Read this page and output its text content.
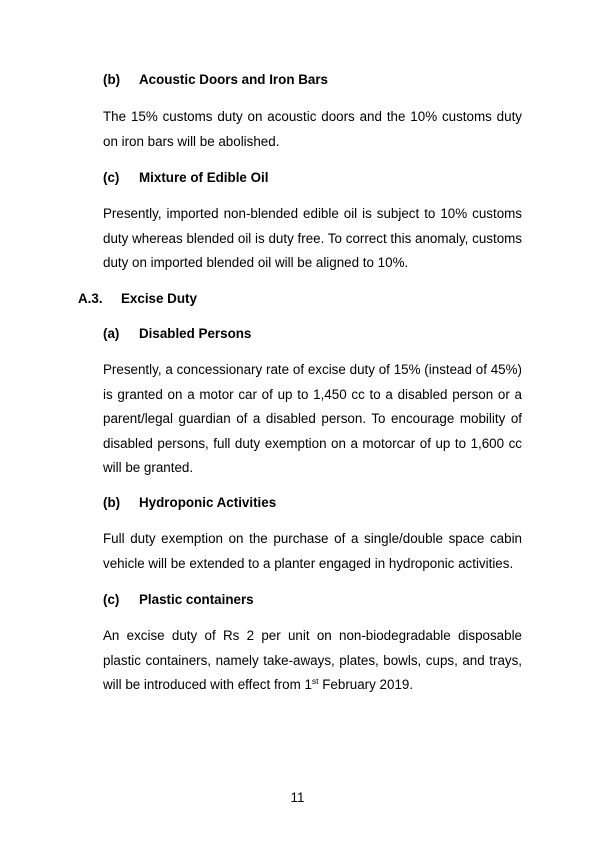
(b) Acoustic Doors and Iron Bars

The 15% customs duty on acoustic doors and the 10% customs duty on iron bars will be abolished.

(c) Mixture of Edible Oil

Presently, imported non-blended edible oil is subject to 10% customs duty whereas blended oil is duty free. To correct this anomaly, customs duty on imported blended oil will be aligned to 10%.

A.3. Excise Duty
(a) Disabled Persons

Presently, a concessionary rate of excise duty of 15% (instead of 45%) is granted on a motor car of up to 1,450 cc to a disabled person or a parent/legal guardian of a disabled person. To encourage mobility of disabled persons, full duty exemption on a motorcar of up to 1,600 cc will be granted.

(b) Hydroponic Activities

Full duty exemption on the purchase of a single/double space cabin vehicle will be extended to a planter engaged in hydroponic activities.

(c) Plastic containers

An excise duty of Rs 2 per unit on non-biodegradable disposable plastic containers, namely take-aways, plates, bowls, cups, and trays, will be introduced with effect from 1st February 2019.

11
